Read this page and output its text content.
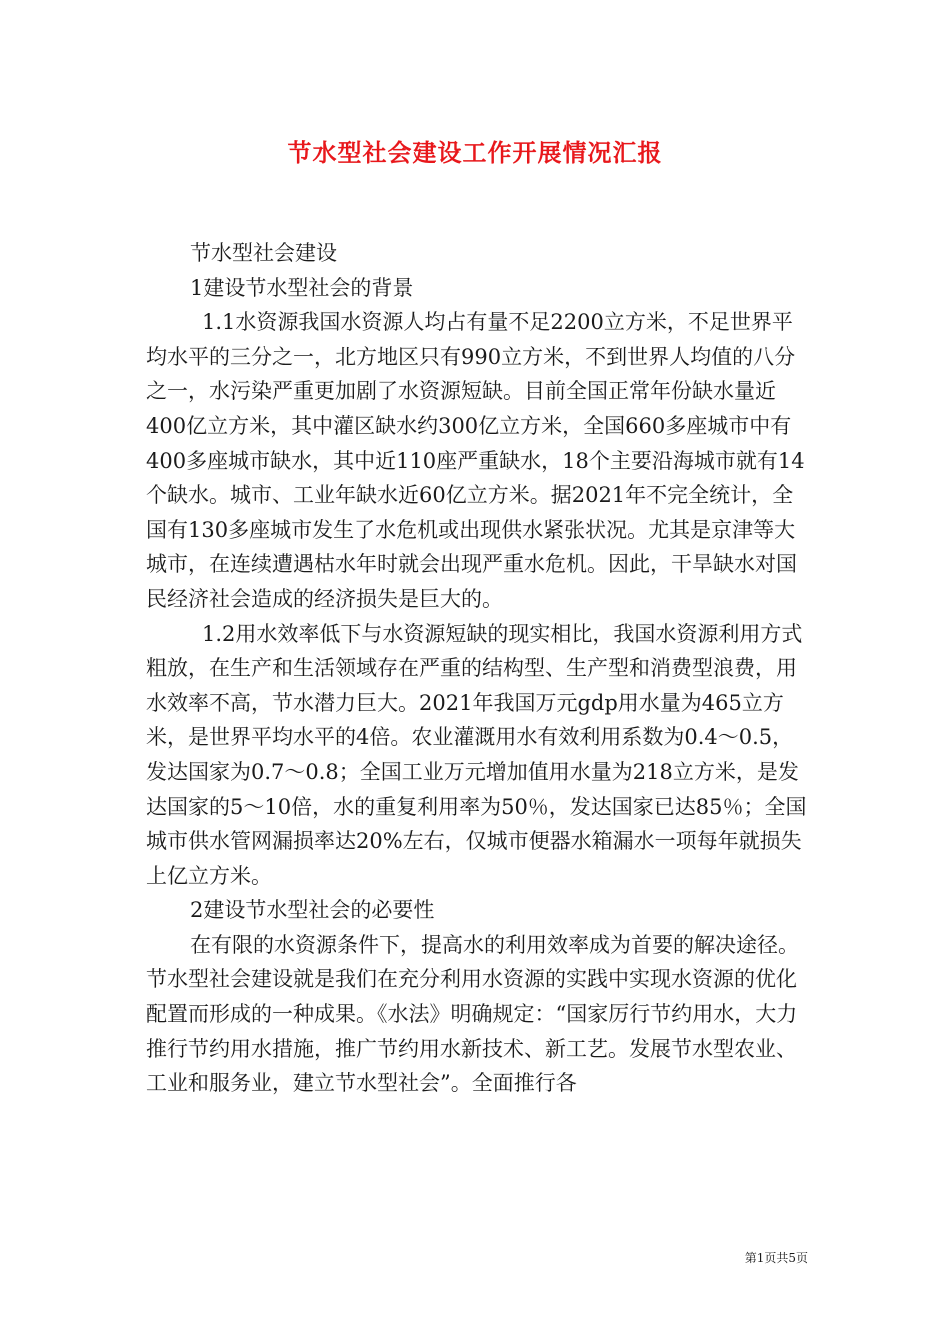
节水型社会建设工作开展情况汇报

节水型社会建设

1建设节水型社会的背景

1.1水资源我国水资源人均占有量不足2200立方米，不足世界平均水平的三分之一，北方地区只有990立方米，不到世界人均值的八分之一，水污染严重更加剧了水资源短缺。目前全国正常年份缺水量近400亿立方米，其中灌区缺水约300亿立方米，全国660多座城市中有400多座城市缺水，其中近110座严重缺水，18个主要沿海城市就有14个缺水。城市、工业年缺水近60亿立方米。据2021年不完全统计，全国有130多座城市发生了水危机或出现供水紧张状况。尤其是京津等大城市，在连续遭遇枯水年时就会出现严重水危机。因此，干旱缺水对国民经济社会造成的经济损失是巨大的。

1.2用水效率低下与水资源短缺的现实相比，我国水资源利用方式粗放，在生产和生活领域存在严重的结构型、生产型和消费型浪费，用水效率不高，节水潜力巨大。2021年我国万元gdp用水量为465立方米，是世界平均水平的4倍。农业灌溉用水有效利用系数为0.4～0.5，发达国家为0.7～0.8；全国工业万元增加值用水量为218立方米，是发达国家的5～10倍，水的重复利用率为50％，发达国家已达85％；全国城市供水管网漏损率达20%左右，仅城市便器水箱漏水一项每年就损失上亿立方米。

2建设节水型社会的必要性

在有限的水资源条件下，提高水的利用效率成为首要的解决途径。节水型社会建设就是我们在充分利用水资源的实践中实现水资源的优化配置而形成的一种成果。《水法》明确规定：“国家厉行节约用水，大力推行节约用水措施，推广节约用水新技术、新工艺。发展节水型农业、工业和服务业，建立节水型社会”。全面推行各

第1页共5页
